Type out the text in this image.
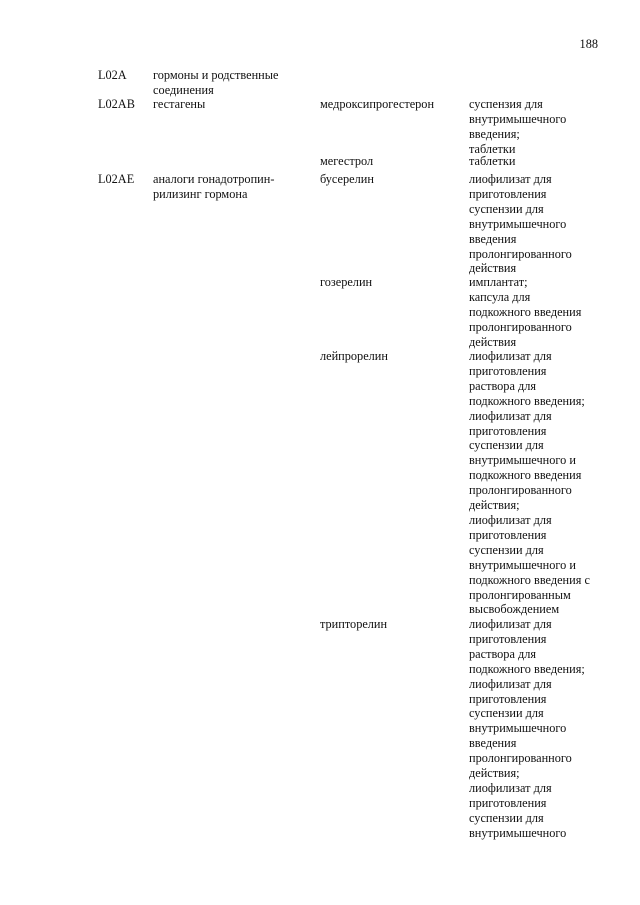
188
L02A	гормоны и родственные
соединения
L02AB	гестагены	медроксипрогестерон	суспензия для
внутримышечного
введения;
таблетки
мегестрол	таблетки
L02AE	аналоги гонадотропин-
рилизинг гормона
бусерелин	лиофилизат для
приготовления
суспензии для
внутримышечного
введения
пролонгированного
действия
гозерелин	имплантат;
капсула для
подкожного введения
пролонгированного
действия
лейпрорелин	лиофилизат для
приготовления
раствора для
подкожного введения;
лиофилизат для
приготовления
суспензии для
внутримышечного и
подкожного введения
пролонгированного
действия;
лиофилизат для
приготовления
суспензии для
внутримышечного и
подкожного введения с
пролонгированным
высвобождением
трипторелин	лиофилизат для
приготовления
раствора для
подкожного введения;
лиофилизат для
приготовления
суспензии для
внутримышечного
введения
пролонгированного
действия;
лиофилизат для
приготовления
суспензии для
внутримышечного
